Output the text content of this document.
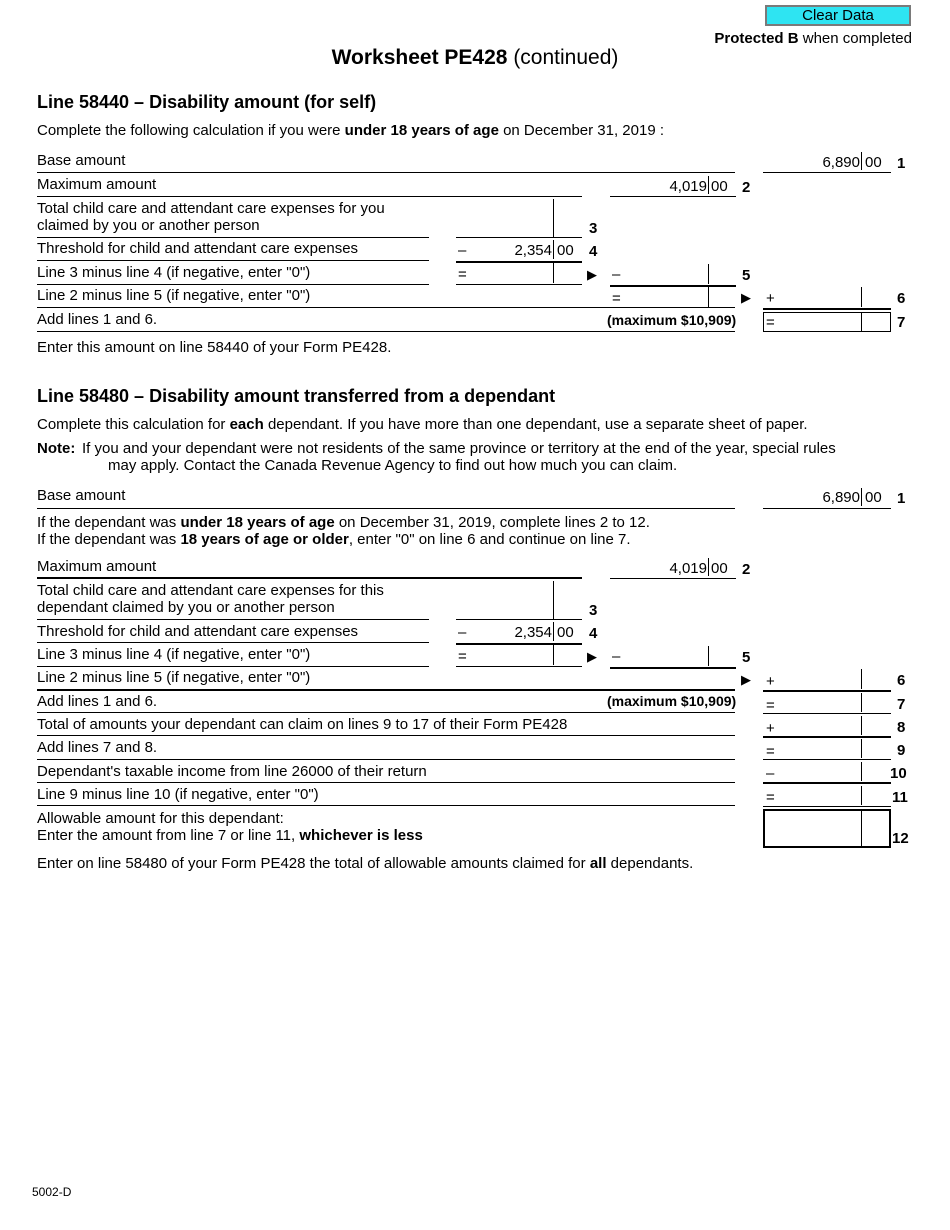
Clear Data
Protected B when completed
Worksheet PE428 (continued)
Line 58440 – Disability amount (for self)
Complete the following calculation if you were under 18 years of age on December 31, 2019 :
Base amount	6,890 00 1
Maximum amount	4,019 00 2
Total child care and attendant care expenses for you
claimed by you or another person	3
Threshold for child and attendant care expenses	–	2,354 00 4
Line 3 minus line 4 (if negative, enter "0")	=	▶ –	5
Line 2 minus line 5 (if negative, enter "0")	=	▶ +	6
Add lines 1 and 6.	(maximum $10,909) =	7
Enter this amount on line 58440 of your Form PE428.
Line 58480 – Disability amount transferred from a dependant
Complete this calculation for each dependant. If you have more than one dependant, use a separate sheet of paper.
Note: If you and your dependant were not residents of the same province or territory at the end of the year, special rules
may apply. Contact the Canada Revenue Agency to find out how much you can claim.
Base amount	6,890 00 1
If the dependant was under 18 years of age on December 31, 2019, complete lines 2 to 12.
If the dependant was 18 years of age or older, enter "0" on line 6 and continue on line 7.
Maximum amount	4,019 00 2
Total child care and attendant care expenses for this
dependant claimed by you or another person	3
Threshold for child and attendant care expenses	–	2,354 00 4
Line 3 minus line 4 (if negative, enter "0")	=	▶ –	5
Line 2 minus line 5 (if negative, enter "0")	▶ +	6
Add lines 1 and 6.	(maximum $10,909) =	7
Total of amounts your dependant can claim on lines 9 to 17 of their Form PE428	+	8
Add lines 7 and 8.	=	9
Dependant's taxable income from line 26000 of their return	–	10
Line 9 minus line 10 (if negative, enter "0")	=	11
Allowable amount for this dependant:
Enter the amount from line 7 or line 11, whichever is less	12
Enter on line 58480 of your Form PE428 the total of allowable amounts claimed for all dependants.
5002-D
